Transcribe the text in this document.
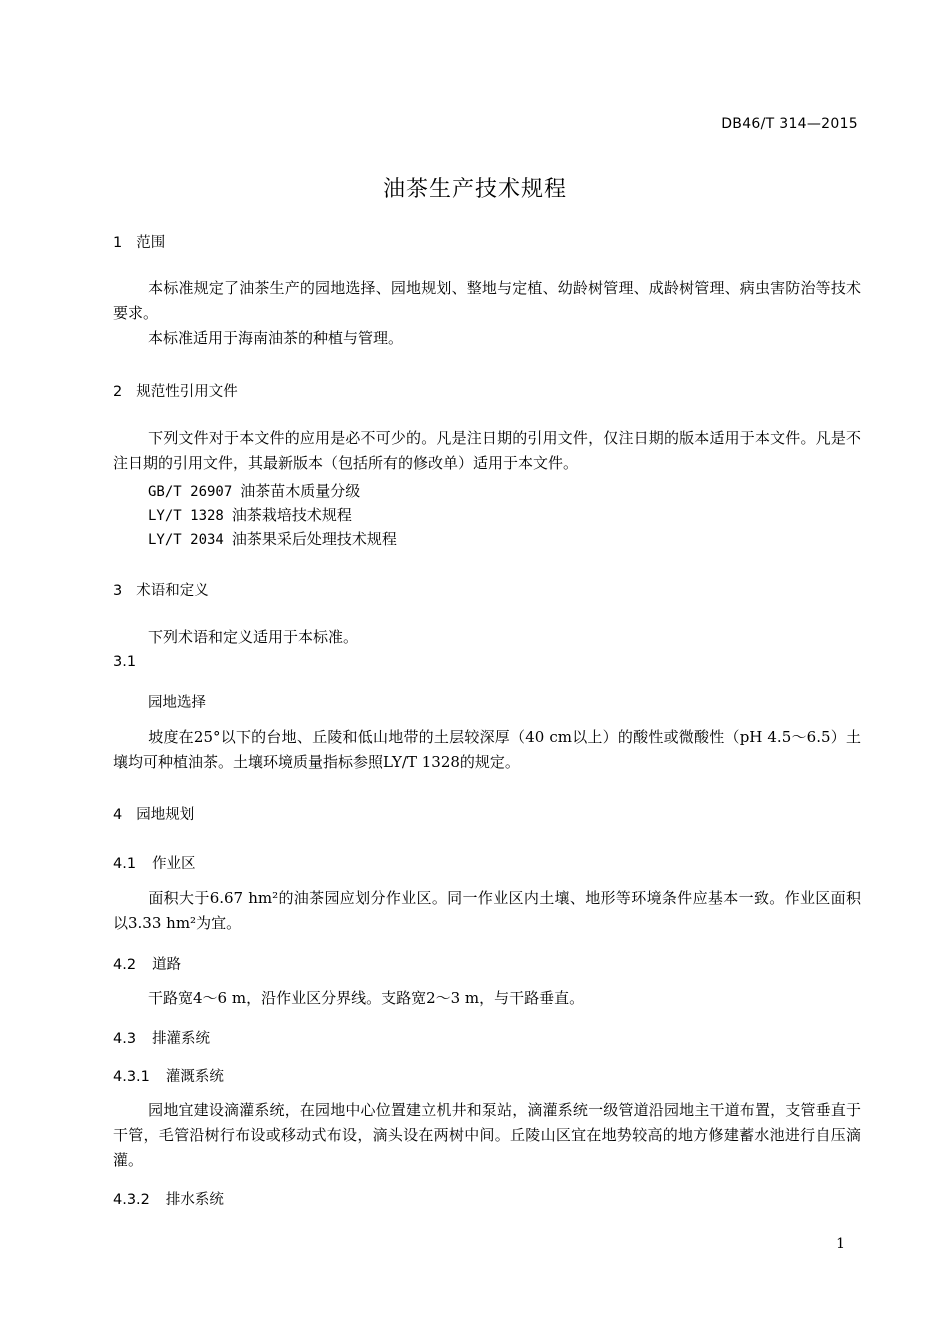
DB46/T 314—2015
油茶生产技术规程
1 范围
本标准规定了油茶生产的园地选择、园地规划、整地与定植、幼龄树管理、成龄树管理、病虫害防治等技术要求。
本标准适用于海南油茶的种植与管理。
2 规范性引用文件
下列文件对于本文件的应用是必不可少的。凡是注日期的引用文件，仅注日期的版本适用于本文件。凡是不注日期的引用文件，其最新版本（包括所有的修改单）适用于本文件。
GB/T 26907 油茶苗木质量分级
LY/T 1328 油茶栽培技术规程
LY/T 2034 油茶果采后处理技术规程
3 术语和定义
下列术语和定义适用于本标准。
3.1
园地选择
坡度在25°以下的台地、丘陵和低山地带的土层较深厚（40 cm以上）的酸性或微酸性（pH 4.5～6.5）土壤均可种植油茶。土壤环境质量指标参照LY/T 1328的规定。
4 园地规划
4.1 作业区
面积大于6.67 hm²的油茶园应划分作业区。同一作业区内土壤、地形等环境条件应基本一致。作业区面积以3.33 hm²为宜。
4.2 道路
干路宽4～6 m，沿作业区分界线。支路宽2～3 m，与干路垂直。
4.3 排灌系统
4.3.1 灌溉系统
园地宜建设滴灌系统，在园地中心位置建立机井和泵站，滴灌系统一级管道沿园地主干道布置，支管垂直于干管，毛管沿树行布设或移动式布设，滴头设在两树中间。丘陵山区宜在地势较高的地方修建蓄水池进行自压滴灌。
4.3.2 排水系统
1
